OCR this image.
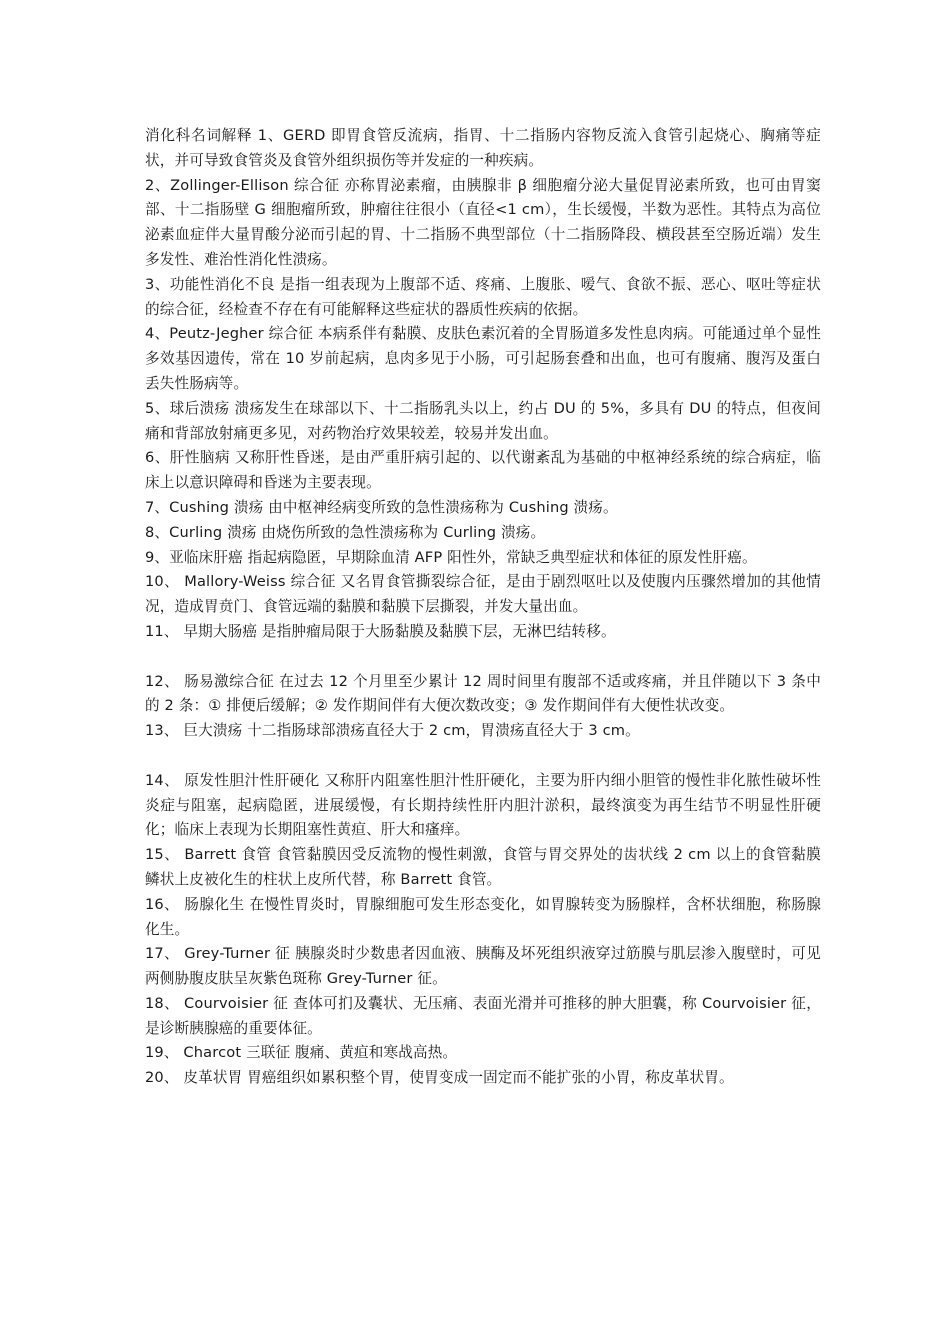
消化科名词解释 1、GERD 即胃食管反流病，指胃、十二指肠内容物反流入食管引起烧心、胸痛等症状，并可导致食管炎及食管外组织损伤等并发症的一种疾病。

2、Zollinger-Ellison 综合征 亦称胃泌素瘤，由胰腺非 β 细胞瘤分泌大量促胃泌素所致，也可由胃窦部、十二指肠壁 G 细胞瘤所致，肿瘤往往很小（直径<1 cm），生长缓慢，半数为恶性。其特点为高位泌素血症伴大量胃酸分泌而引起的胃、十二指肠不典型部位（十二指肠降段、横段甚至空肠近端）发生多发性、难治性消化性溃疡。

3、功能性消化不良 是指一组表现为上腹部不适、疼痛、上腹胀、嗳气、食欲不振、恶心、呕吐等症状的综合征，经检查不存在有可能解释这些症状的器质性疾病的依据。

4、Peutz-Jegher 综合征 本病系伴有黏膜、皮肤色素沉着的全胃肠道多发性息肉病。可能通过单个显性多效基因遗传，常在 10 岁前起病，息肉多见于小肠，可引起肠套叠和出血，也可有腹痛、腹泻及蛋白丢失性肠病等。

5、球后溃疡 溃疡发生在球部以下、十二指肠乳头以上，约占 DU 的 5%，多具有 DU 的特点，但夜间痛和背部放射痛更多见，对药物治疗效果较差，较易并发出血。

6、肝性脑病 又称肝性昏迷，是由严重肝病引起的、以代谢紊乱为基础的中枢神经系统的综合病症，临床上以意识障碍和昏迷为主要表现。

7、Cushing 溃疡 由中枢神经病变所致的急性溃疡称为 Cushing 溃疡。

8、Curling 溃疡 由烧伤所致的急性溃疡称为 Curling 溃疡。

9、亚临床肝癌 指起病隐匿，早期除血清 AFP 阳性外，常缺乏典型症状和体征的原发性肝癌。

10、 Mallory-Weiss 综合征 又名胃食管撕裂综合征，是由于剧烈呕吐以及使腹内压骤然增加的其他情况，造成胃贲门、食管远端的黏膜和黏膜下层撕裂，并发大量出血。

11、 早期大肠癌 是指肿瘤局限于大肠黏膜及黏膜下层，无淋巴结转移。

12、 肠易激综合征 在过去 12 个月里至少累计 12 周时间里有腹部不适或疼痛，并且伴随以下 3 条中的 2 条：① 排便后缓解；② 发作期间伴有大便次数改变；③ 发作期间伴有大便性状改变。

13、 巨大溃疡 十二指肠球部溃疡直径大于 2 cm，胃溃疡直径大于 3 cm。

14、 原发性胆汁性肝硬化 又称肝内阻塞性胆汁性肝硬化，主要为肝内细小胆管的慢性非化脓性破坏性炎症与阻塞，起病隐匿，进展缓慢，有长期持续性肝内胆汁淤积，最终演变为再生结节不明显性肝硬化；临床上表现为长期阻塞性黄疸、肝大和瘙痒。

15、 Barrett 食管 食管黏膜因受反流物的慢性刺激，食管与胃交界处的齿状线 2 cm 以上的食管黏膜鳞状上皮被化生的柱状上皮所代替，称 Barrett 食管。

16、 肠腺化生 在慢性胃炎时，胃腺细胞可发生形态变化，如胃腺转变为肠腺样，含杯状细胞，称肠腺化生。

17、 Grey-Turner 征 胰腺炎时少数患者因血液、胰酶及坏死组织液穿过筋膜与肌层渗入腹壁时，可见两侧胁腹皮肤呈灰紫色斑称 Grey-Turner 征。

18、 Courvoisier 征 查体可扪及囊状、无压痛、表面光滑并可推移的肿大胆囊，称 Courvoisier 征，是诊断胰腺癌的重要体征。

19、 Charcot 三联征 腹痛、黄疸和寒战高热。

20、 皮革状胃 胃癌组织如累积整个胃，使胃变成一固定而不能扩张的小胃，称皮革状胃。
